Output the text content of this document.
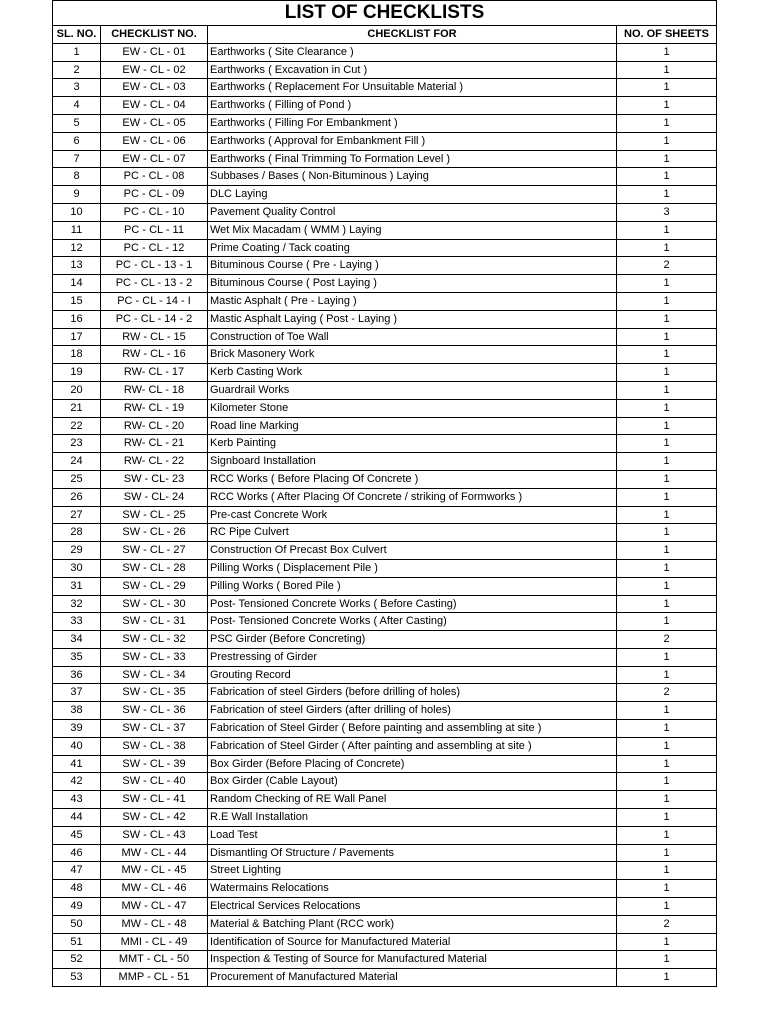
LIST OF CHECKLISTS			
SL. NO.	CHECKLIST NO.	CHECKLIST FOR	NO. OF SHEETS
1	EW - CL - 01	Earthworks ( Site Clearance )	1
2	EW - CL - 02	Earthworks ( Excavation in Cut )	1
3	EW - CL - 03	Earthworks ( Replacement For Unsuitable Material )	1
4	EW - CL - 04	Earthworks ( Filling of Pond )	1
5	EW - CL - 05	Earthworks ( Filling For Embankment )	1
6	EW - CL - 06	Earthworks ( Approval for Embankment Fill )	1
7	EW - CL - 07	Earthworks ( Final Trimming To Formation Level )	1
8	PC - CL - 08	Subbases / Bases ( Non-Bituminous ) Laying	1
9	PC - CL - 09	DLC Laying	1
10	PC - CL - 10	Pavement Quality Control	3
11	PC - CL - 11	Wet Mix Macadam ( WMM ) Laying	1
12	PC - CL - 12	Prime Coating / Tack coating	1
13	PC - CL - 13 - 1	Bituminous Course ( Pre - Laying )	2
14	PC - CL - 13 - 2	Bituminous Course ( Post Laying )	1
15	PC - CL - 14 - I	Mastic Asphalt ( Pre - Laying )	1
16	PC - CL - 14 - 2	Mastic Asphalt Laying ( Post - Laying )	1
17	RW - CL - 15	Construction of Toe Wall	1
18	RW - CL - 16	Brick Masonery Work	1
19	RW- CL - 17	Kerb Casting Work	1
20	RW- CL - 18	Guardrail Works	1
21	RW- CL - 19	Kilometer Stone	1
22	RW- CL - 20	Road line Marking	1
23	RW- CL - 21	Kerb Painting	1
24	RW- CL - 22	Signboard Installation	1
25	SW - CL- 23	RCC Works ( Before Placing Of Concrete )	1
26	SW - CL- 24	RCC Works ( After Placing Of Concrete / striking of Formworks )	1
27	SW - CL - 25	Pre-cast Concrete Work	1
28	SW - CL - 26	RC Pipe Culvert	1
29	SW - CL - 27	Construction Of Precast Box Culvert	1
30	SW - CL - 28	Pilling Works ( Displacement Pile )	1
31	SW - CL - 29	Pilling Works ( Bored Pile )	1
32	SW - CL - 30	Post- Tensioned Concrete Works ( Before Casting)	1
33	SW - CL - 31	Post- Tensioned Concrete Works ( After Casting)	1
34	SW - CL - 32	PSC Girder (Before Concreting)	2
35	SW - CL - 33	Prestressing of Girder	1
36	SW - CL - 34	Grouting Record	1
37	SW - CL - 35	Fabrication of steel Girders (before drilling of holes)	2
38	SW - CL - 36	Fabrication of steel Girders (after drilling of holes)	1
39	SW - CL - 37	Fabrication of Steel Girder ( Before painting and assembling at site )	1
40	SW - CL - 38	Fabrication of Steel Girder ( After painting and assembling at site )	1
41	SW - CL - 39	Box Girder (Before Placing of Concrete)	1
42	SW - CL - 40	Box Girder (Cable Layout)	1
43	SW - CL - 41	Random Checking of RE Wall Panel	1
44	SW - CL - 42	R.E Wall Installation	1
45	SW - CL - 43	Load Test	1
46	MW - CL - 44	Dismantling Of Structure / Pavements	1
47	MW - CL - 45	Street Lighting	1
48	MW - CL - 46	Watermains Relocations	1
49	MW - CL - 47	Electrical Services Relocations	1
50	MW - CL - 48	Material & Batching Plant (RCC work)	2
51	MMI - CL - 49	Identification of Source for Manufactured Material	1
52	MMT - CL - 50	Inspection & Testing of Source for Manufactured Material	1
53	MMP - CL - 51	Procurement of Manufactured Material	1
